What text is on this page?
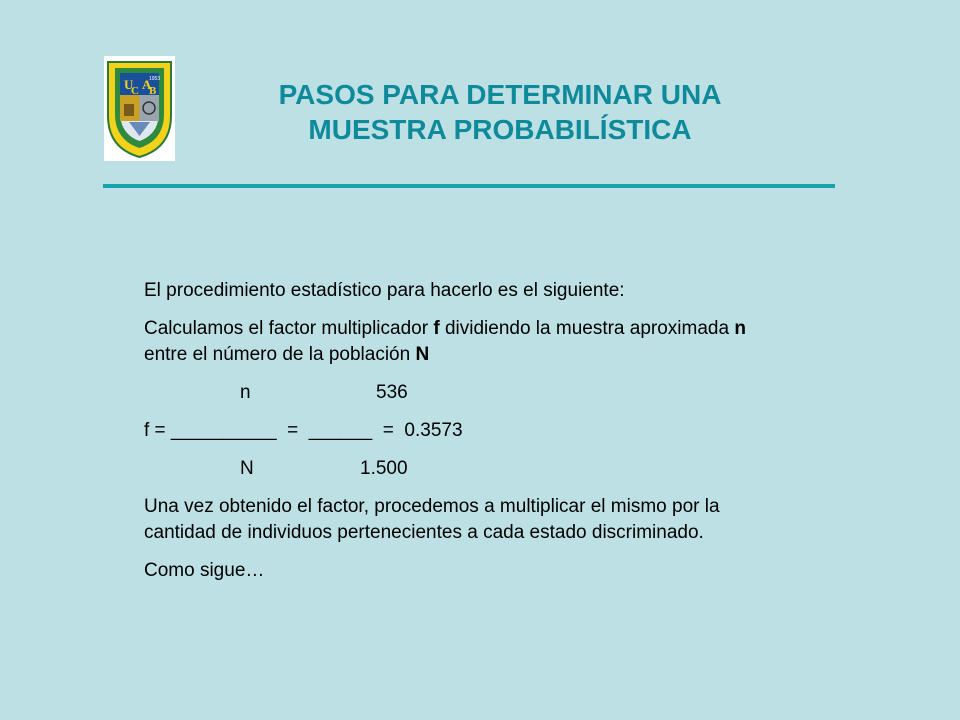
U
C A
B
1953	PASOS PARA DETERMINAR UNA
MUESTRA PROBABILÍSTICA

El procedimiento estadístico para hacerlo es el siguiente:

Calculamos el factor multiplicador f dividiendo la muestra aproximada n entre el número de la población N

n

	536

f = __________  =  ______  =  0.3573

N

	1.500

Una vez obtenido el factor, procedemos a multiplicar el mismo por la cantidad de individuos pertenecientes a cada estado discriminado.

Como sigue…
